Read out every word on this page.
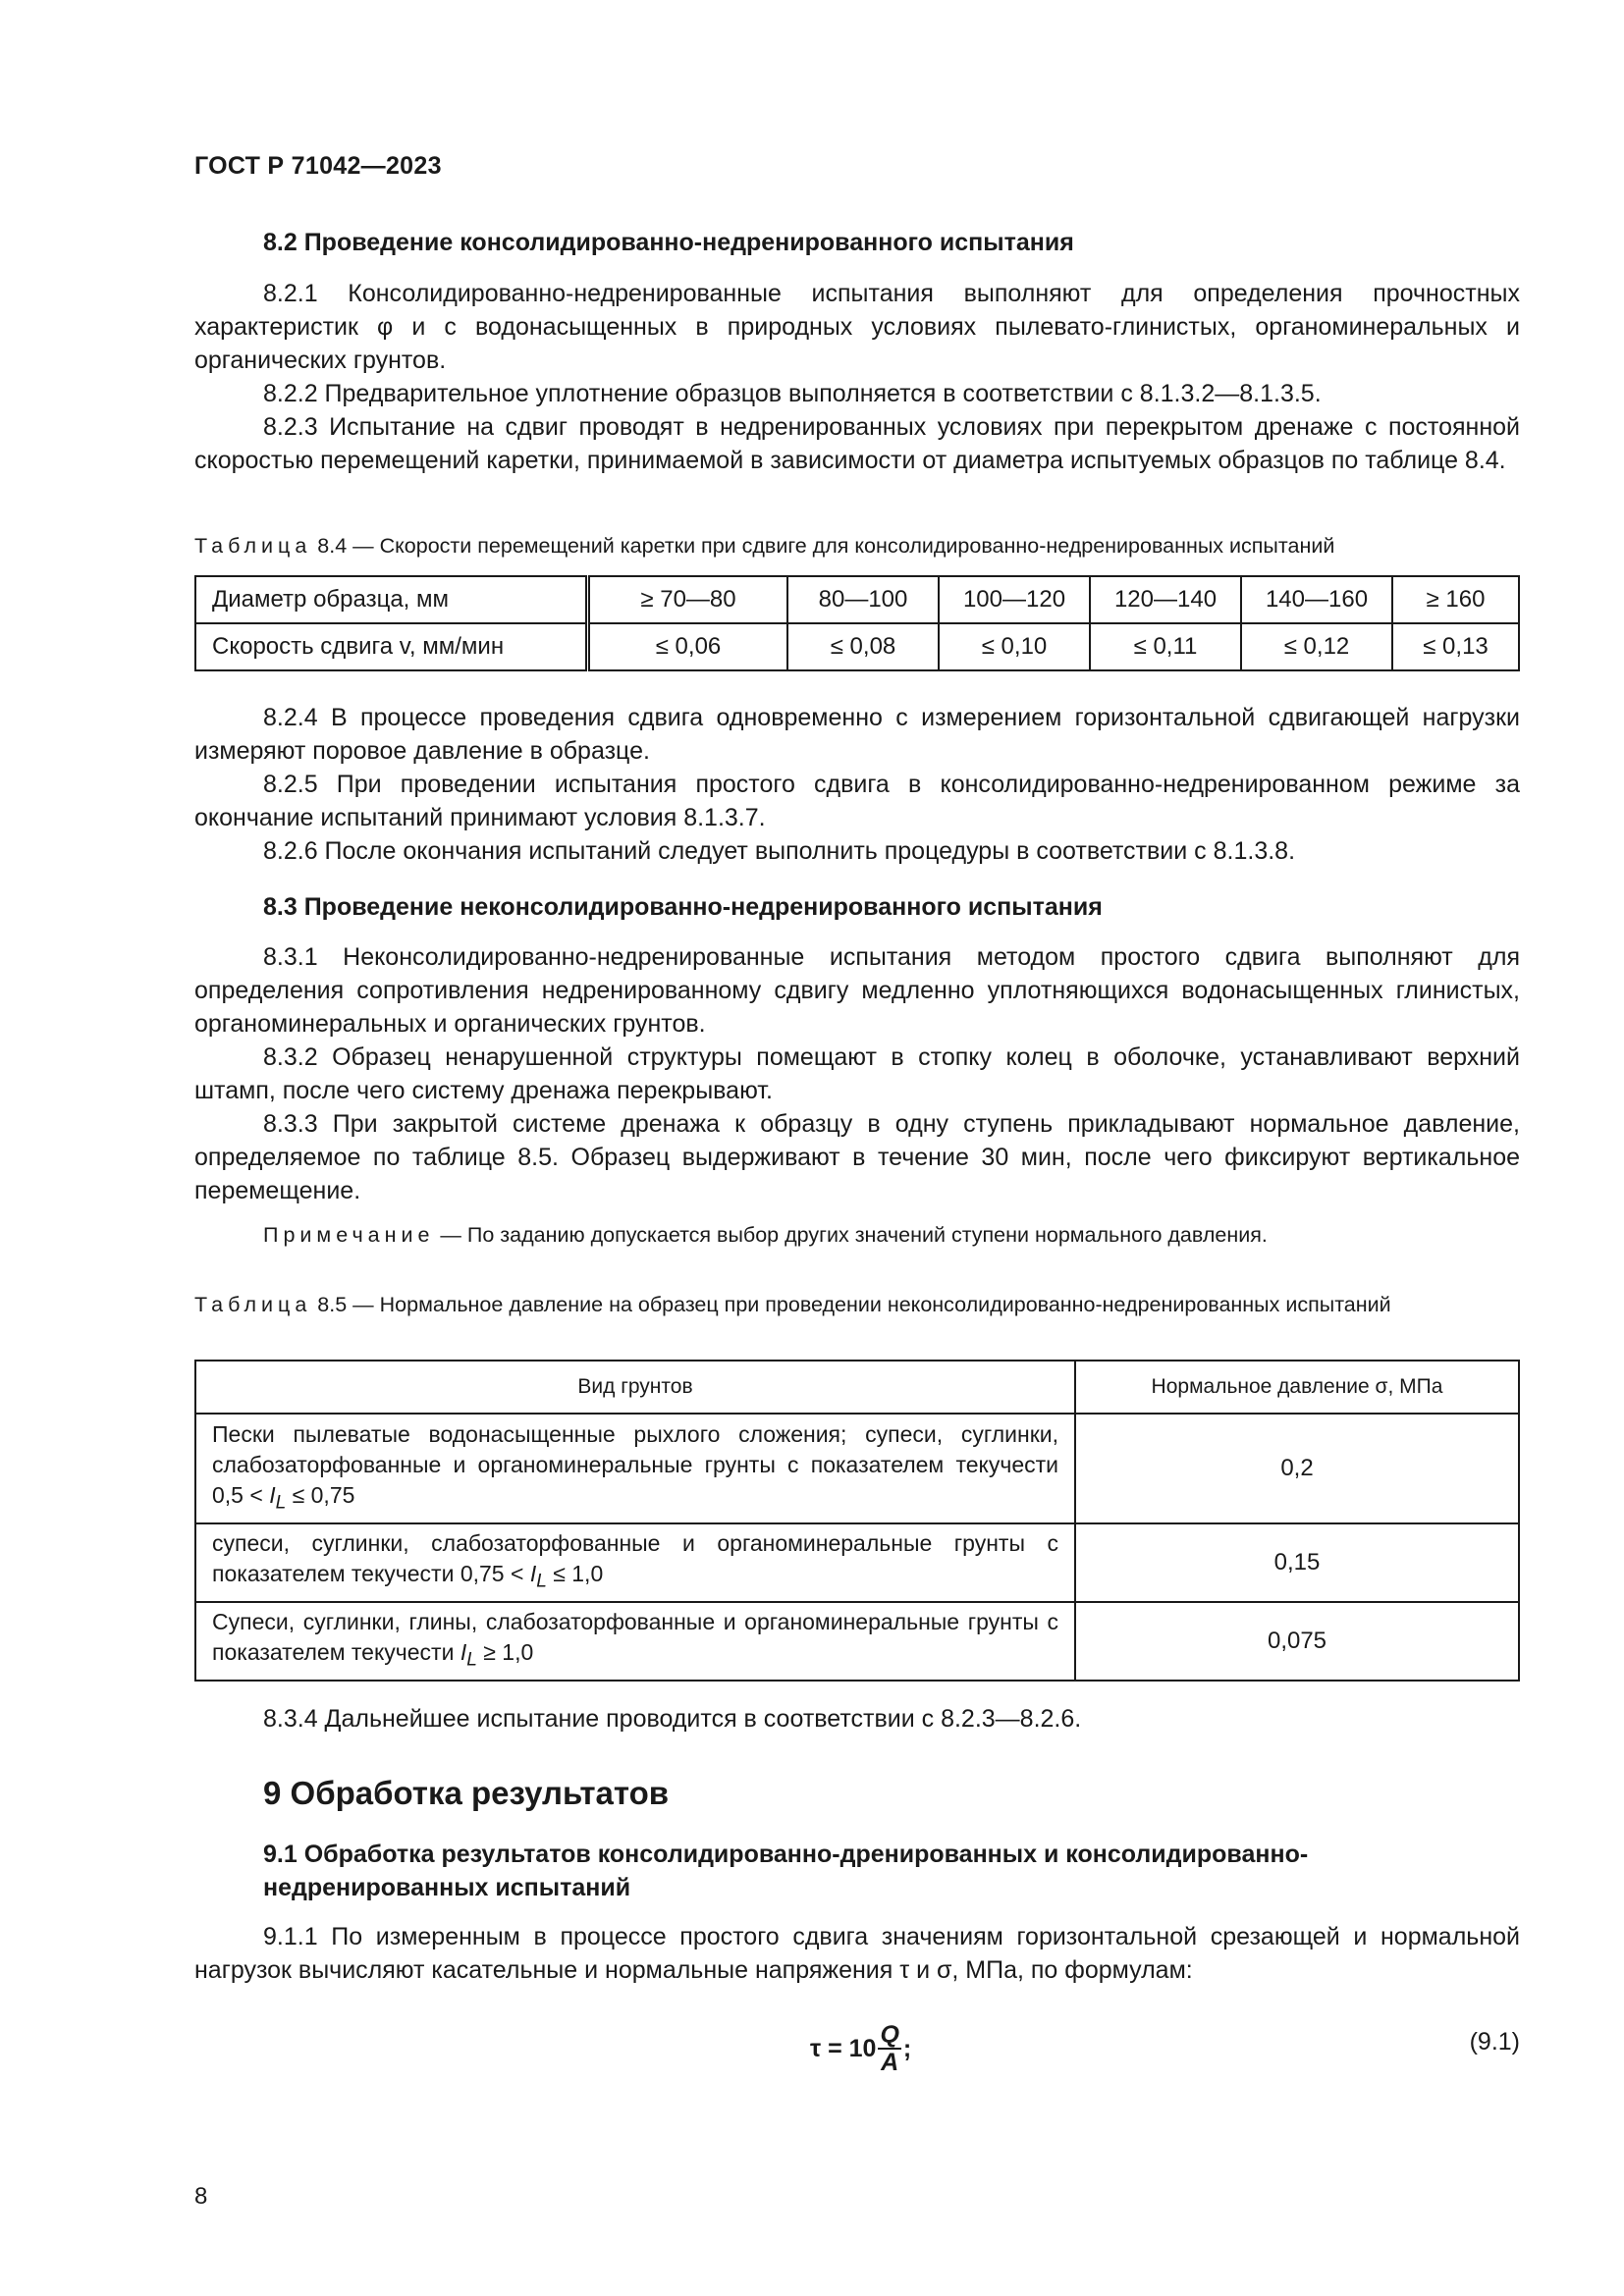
ГОСТ Р 71042—2023
8.2 Проведение консолидированно-недренированного испытания
8.2.1 Консолидированно-недренированные испытания выполняют для определения прочностных характеристик φ и с водонасыщенных в природных условиях пылевато-глинистых, органоминеральных и органических грунтов.
8.2.2 Предварительное уплотнение образцов выполняется в соответствии с 8.1.3.2—8.1.3.5.
8.2.3 Испытание на сдвиг проводят в недренированных условиях при перекрытом дренаже с постоянной скоростью перемещений каретки, принимаемой в зависимости от диаметра испытуемых образцов по таблице 8.4.
Таблица 8.4 — Скорости перемещений каретки при сдвиге для консолидированно-недренированных испытаний
Диаметр образца, мм	≥ 70—80	80—100	100—120	120—140	140—160	≥ 160
Скорость сдвига v, мм/мин	≤ 0,06	≤ 0,08	≤ 0,10	≤ 0,11	≤ 0,12	≤ 0,13
8.2.4 В процессе проведения сдвига одновременно с измерением горизонтальной сдвигающей нагрузки измеряют поровое давление в образце.
8.2.5 При проведении испытания простого сдвига в консолидированно-недренированном режиме за окончание испытаний принимают условия 8.1.3.7.
8.2.6 После окончания испытаний следует выполнить процедуры в соответствии с 8.1.3.8.
8.3 Проведение неконсолидированно-недренированного испытания
8.3.1 Неконсолидированно-недренированные испытания методом простого сдвига выполняют для определения сопротивления недренированному сдвигу медленно уплотняющихся водонасыщенных глинистых, органоминеральных и органических грунтов.
8.3.2 Образец ненарушенной структуры помещают в стопку колец в оболочке, устанавливают верхний штамп, после чего систему дренажа перекрывают.
8.3.3 При закрытой системе дренажа к образцу в одну ступень прикладывают нормальное давление, определяемое по таблице 8.5. Образец выдерживают в течение 30 мин, после чего фиксируют вертикальное перемещение.
Примечание — По заданию допускается выбор других значений ступени нормального давления.
Таблица 8.5 — Нормальное давление на образец при проведении неконсолидированно-недренированных испытаний
Вид грунтов	Нормальное давление σ, МПа
Пески пылеватые водонасыщенные рыхлого сложения; супеси, суглинки, слабозаторфованные и органоминеральные грунты с показателем текучести $0,5 < I_L \le 0,75$	0,2
супеси, суглинки, слабозаторфованные и органоминеральные грунты с показателем текучести $0,75 < I_L \le 1,0$	0,15
Супеси, суглинки, глины, слабозаторфованные и органоминеральные грунты с показателем текучести $I_L \ge 1,0$	0,075
8.3.4 Дальнейшее испытание проводится в соответствии с 8.2.3—8.2.6.
9 Обработка результатов
9.1 Обработка результатов консолидированно-дренированных и консолидированно-недренированных испытаний
9.1.1 По измеренным в процессе простого сдвига значениям горизонтальной срезающей и нормальной нагрузок вычисляют касательные и нормальные напряжения τ и σ, МПа, по формулам:
$\tau = 10 \frac{Q}{A}$ ;	(9.1)
8
